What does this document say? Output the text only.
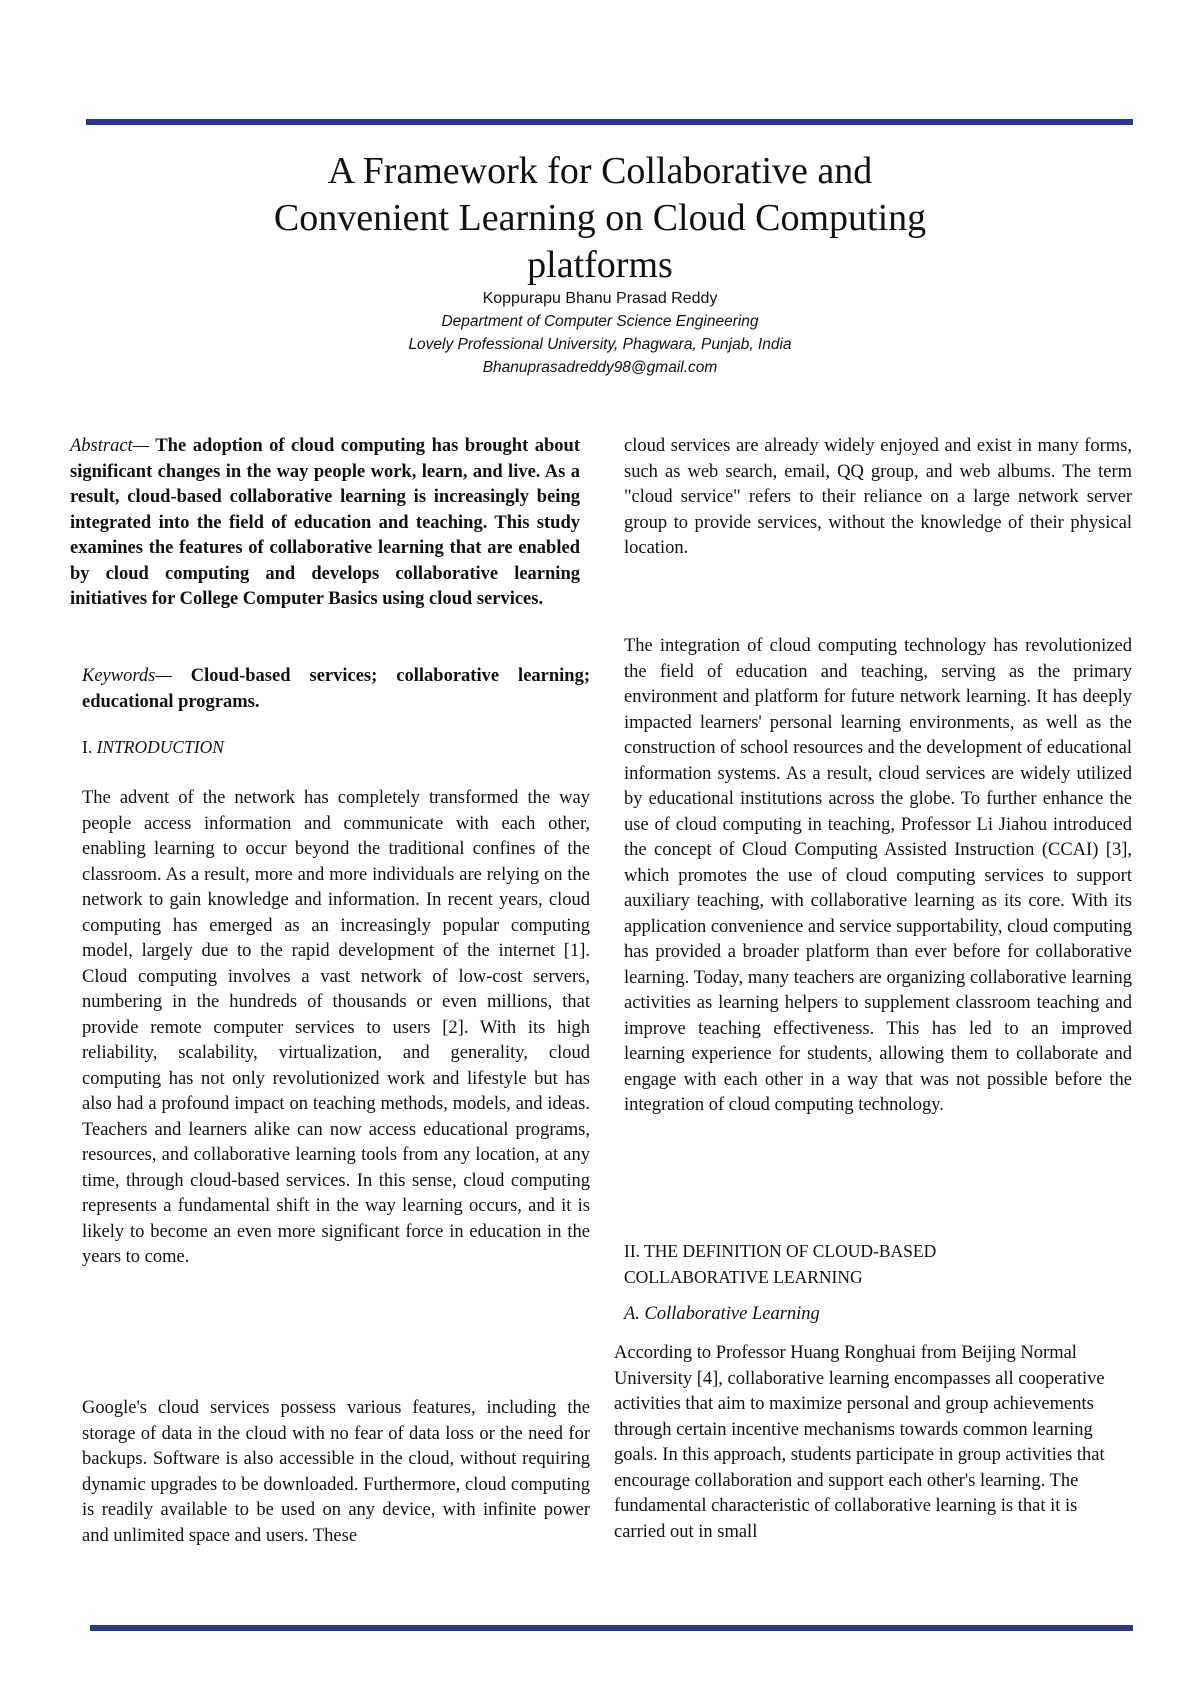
A Framework for Collaborative and
Convenient Learning on Cloud Computing
platforms
Koppurapu Bhanu Prasad Reddy
Department of Computer Science Engineering
Lovely Professional University, Phagwara, Punjab, India
Bhanuprasadreddy98@gmail.com

Abstract— The adoption of cloud computing has brought about significant changes in the way people work, learn, and live. As a result, cloud-based collaborative learning is increasingly being integrated into the field of education and teaching. This study examines the features of collaborative learning that are enabled by cloud computing and develops collaborative learning initiatives for College Computer Basics using cloud services.

Keywords— Cloud-based services; collaborative learning; educational programs.

I. INTRODUCTION

The advent of the network has completely transformed the way people access information and communicate with each other, enabling learning to occur beyond the traditional confines of the classroom. As a result, more and more individuals are relying on the network to gain knowledge and information. In recent years, cloud computing has emerged as an increasingly popular computing model, largely due to the rapid development of the internet [1]. Cloud computing involves a vast network of low-cost servers, numbering in the hundreds of thousands or even millions, that provide remote computer services to users [2]. With its high reliability, scalability, virtualization, and generality, cloud computing has not only revolutionized work and lifestyle but has also had a profound impact on teaching methods, models, and ideas. Teachers and learners alike can now access educational programs, resources, and collaborative learning tools from any location, at any time, through cloud-based services. In this sense, cloud computing represents a fundamental shift in the way learning occurs, and it is likely to become an even more significant force in education in the years to come.

Google's cloud services possess various features, including the storage of data in the cloud with no fear of data loss or the need for backups. Software is also accessible in the cloud, without requiring dynamic upgrades to be downloaded. Furthermore, cloud computing is readily available to be used on any device, with infinite power and unlimited space and users. These

cloud services are already widely enjoyed and exist in many forms, such as web search, email, QQ group, and web albums. The term "cloud service" refers to their reliance on a large network server group to provide services, without the knowledge of their physical location.

The integration of cloud computing technology has revolutionized the field of education and teaching, serving as the primary environment and platform for future network learning. It has deeply impacted learners' personal learning environments, as well as the construction of school resources and the development of educational information systems. As a result, cloud services are widely utilized by educational institutions across the globe. To further enhance the use of cloud computing in teaching, Professor Li Jiahou introduced the concept of Cloud Computing Assisted Instruction (CCAI) [3], which promotes the use of cloud computing services to support auxiliary teaching, with collaborative learning as its core. With its application convenience and service supportability, cloud computing has provided a broader platform than ever before for collaborative learning. Today, many teachers are organizing collaborative learning activities as learning helpers to supplement classroom teaching and improve teaching effectiveness. This has led to an improved learning experience for students, allowing them to collaborate and engage with each other in a way that was not possible before the integration of cloud computing technology.

II. THE DEFINITION OF CLOUD-BASED
COLLABORATIVE LEARNING

A. Collaborative Learning

According to Professor Huang Ronghuai from Beijing Normal University [4], collaborative learning encompasses all cooperative activities that aim to maximize personal and group achievements through certain incentive mechanisms towards common learning goals. In this approach, students participate in group activities that encourage collaboration and support each other's learning. The fundamental characteristic of collaborative learning is that it is carried out in small
